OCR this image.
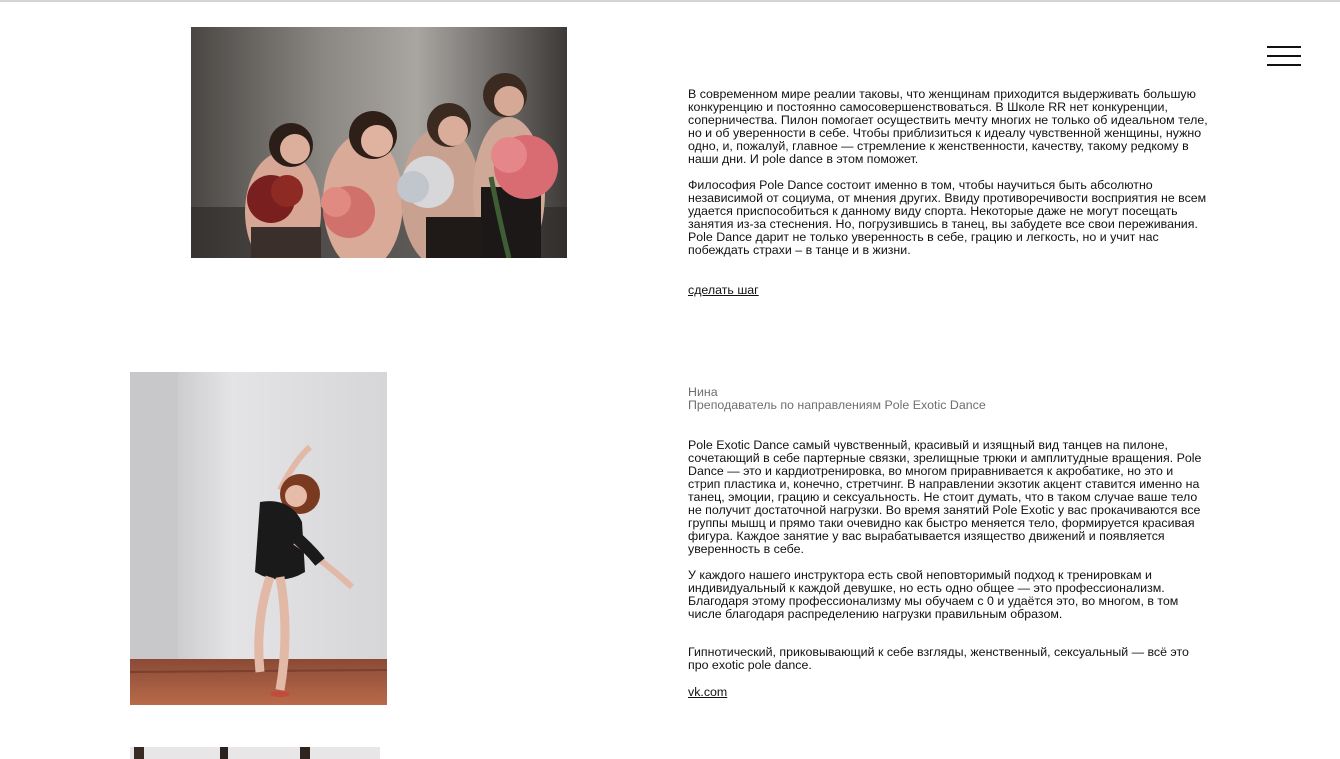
В современном мире реалии таковы, что женщинам приходится выдерживать большую конкуренцию и постоянно самосовершенствоваться. В Школе RR нет конкуренции, соперничества. Пилон помогает осуществить мечту многих не только об идеальном теле, но и об уверенности в себе. Чтобы приблизиться к идеалу чувственной женщины, нужно одно, и, пожалуй, главное — стремление к женственности, качеству, такому редкому в наши дни. И pole dance в этом поможет.

Философия Pole Dance состоит именно в том, чтобы научиться быть абсолютно независимой от социума, от мнения других. Ввиду противоречивости восприятия не всем удается приспособиться к данному виду спорта. Некоторые даже не могут посещать занятия из-за стеснения. Но, погрузившись в танец, вы забудете все свои переживания. Pole Dance дарит не только уверенность в себе, грацию и легкость, но и учит нас побеждать страхи – в танце и в жизни.

сделать шаг
Нина
Преподаватель по направлениям Pole Exotic Dance

Pole Exotic Dance самый чувственный, красивый и изящный вид танцев на пилоне, сочетающий в себе партерные связки, зрелищные трюки и амплитудные вращения. Pole Dance — это и кардиотренировка, во многом приравнивается к акробатике, но это и стрип пластика и, конечно, стретчинг. В направлении экзотик акцент ставится именно на танец, эмоции, грацию и сексуальность. Не стоит думать, что в таком случае ваше тело не получит достаточной нагрузки. Во время занятий Pole Exotic у вас прокачиваются все группы мышц и прямо таки очевидно как быстро меняется тело, формируется красивая фигура. Каждое занятие у вас вырабатывается изящество движений и появляется уверенность в себе.

У каждого нашего инструктора есть свой неповторимый подход к тренировкам и индивидуальный к каждой девушке, но есть одно общее — это профессионализм. Благодаря этому профессионализму мы обучаем с 0 и удаётся это, во многом, в том числе благодаря распределению нагрузки правильным образом.

Гипнотический, приковывающий к себе взгляды, женственный, сексуальный — всё это про exotic pole dance.

vk.com
